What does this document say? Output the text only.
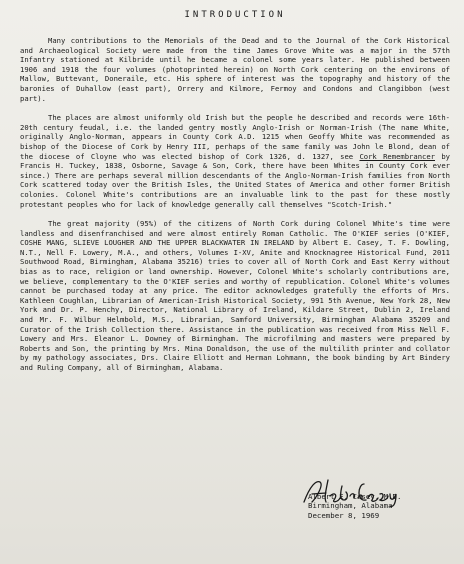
INTRODUCTION

Many contributions to the Memorials of the Dead and to the Journal of the Cork Historical and Archaeological Society were made from the time James Grove White was a major in the 57th Infantry stationed at Kilbride until he became a colonel some years later. He published between 1906 and 1918 the four volumes (photoprinted herein) on North Cork centering on the environs of Mallow, Buttevant, Doneraile, etc. His sphere of interest was the topography and history of the baronies of Duhallow (east part), Orrery and Kilmore, Fermoy and Condons and Clangibbon (west part).

The places are almost uniformly old Irish but the people he described and records were 16th-20th century feudal, i.e. the landed gentry mostly Anglo-Irish or Norman-Irish (The name White, originally Anglo-Norman, appears in County Cork A.D. 1215 when Geoffy White was recommended as bishop of the Diocese of Cork by Henry III, perhaps of the same family was John le Blond, dean of the diocese of Cloyne who was elected bishop of Cork 1326, d. 1327, see Cork Remembrancer by Francis H. Tuckey, 1838, Osborne, Savage & Son, Cork, there have been Whites in County Cork ever since.) There are perhaps several million descendants of the Anglo-Norman-Irish families from North Cork scattered today over the British Isles, the United States of America and other former British colonies. Colonel White's contributions are an invaluable link to the past for these mostly protestant peoples who for lack of knowledge generally call themselves "Scotch-Irish."

The great majority (95%) of the citizens of North Cork during Colonel White's time were landless and disenfranchised and were almost entirely Roman Catholic. The O'KIEF series (O'KIEF, COSHE MANG, SLIEVE LOUGHER AND THE UPPER BLACKWATER IN IRELAND by Albert E. Casey, T. F. Dowling, N.T., Nell F. Lowery, M.A., and others, Volumes I-XV, Amite and Knocknagree Historical Fund, 2011 Southwood Road, Birmingham, Alabama 35216) tries to cover all of North Cork and East Kerry without bias as to race, religion or land ownership. However, Colonel White's scholarly contributions are, we believe, complementary to the O'KIEF series and worthy of republication. Colonel White's volumes cannot be purchased today at any price. The editor acknowledges gratefully the efforts of Mrs. Kathleen Coughlan, Librarian of American-Irish Historical Society, 991 5th Avenue, New York 28, New York and Dr. P. Henchy, Director, National Library of Ireland, Kildare Street, Dublin 2, Ireland and Mr. F. Wilbur Helmbold, M.S., Librarian, Samford University, Birmingham Alabama 35209 and Curator of the Irish Collection there. Assistance in the publication was received from Miss Nell F. Lowery and Mrs. Eleanor L. Downey of Birmingham. The microfilming and masters were prepared by Roberts and Son, the printing by Mrs. Mina Donaldson, the use of the multilith printer and collator by my pathology associates, Drs. Claire Elliott and Herman Lohmann, the book binding by Art Bindery and Ruling Company, all of Birmingham, Alabama.

Albert E. Casey, M.D.
Birmingham, Alabama
December 8, 1969
